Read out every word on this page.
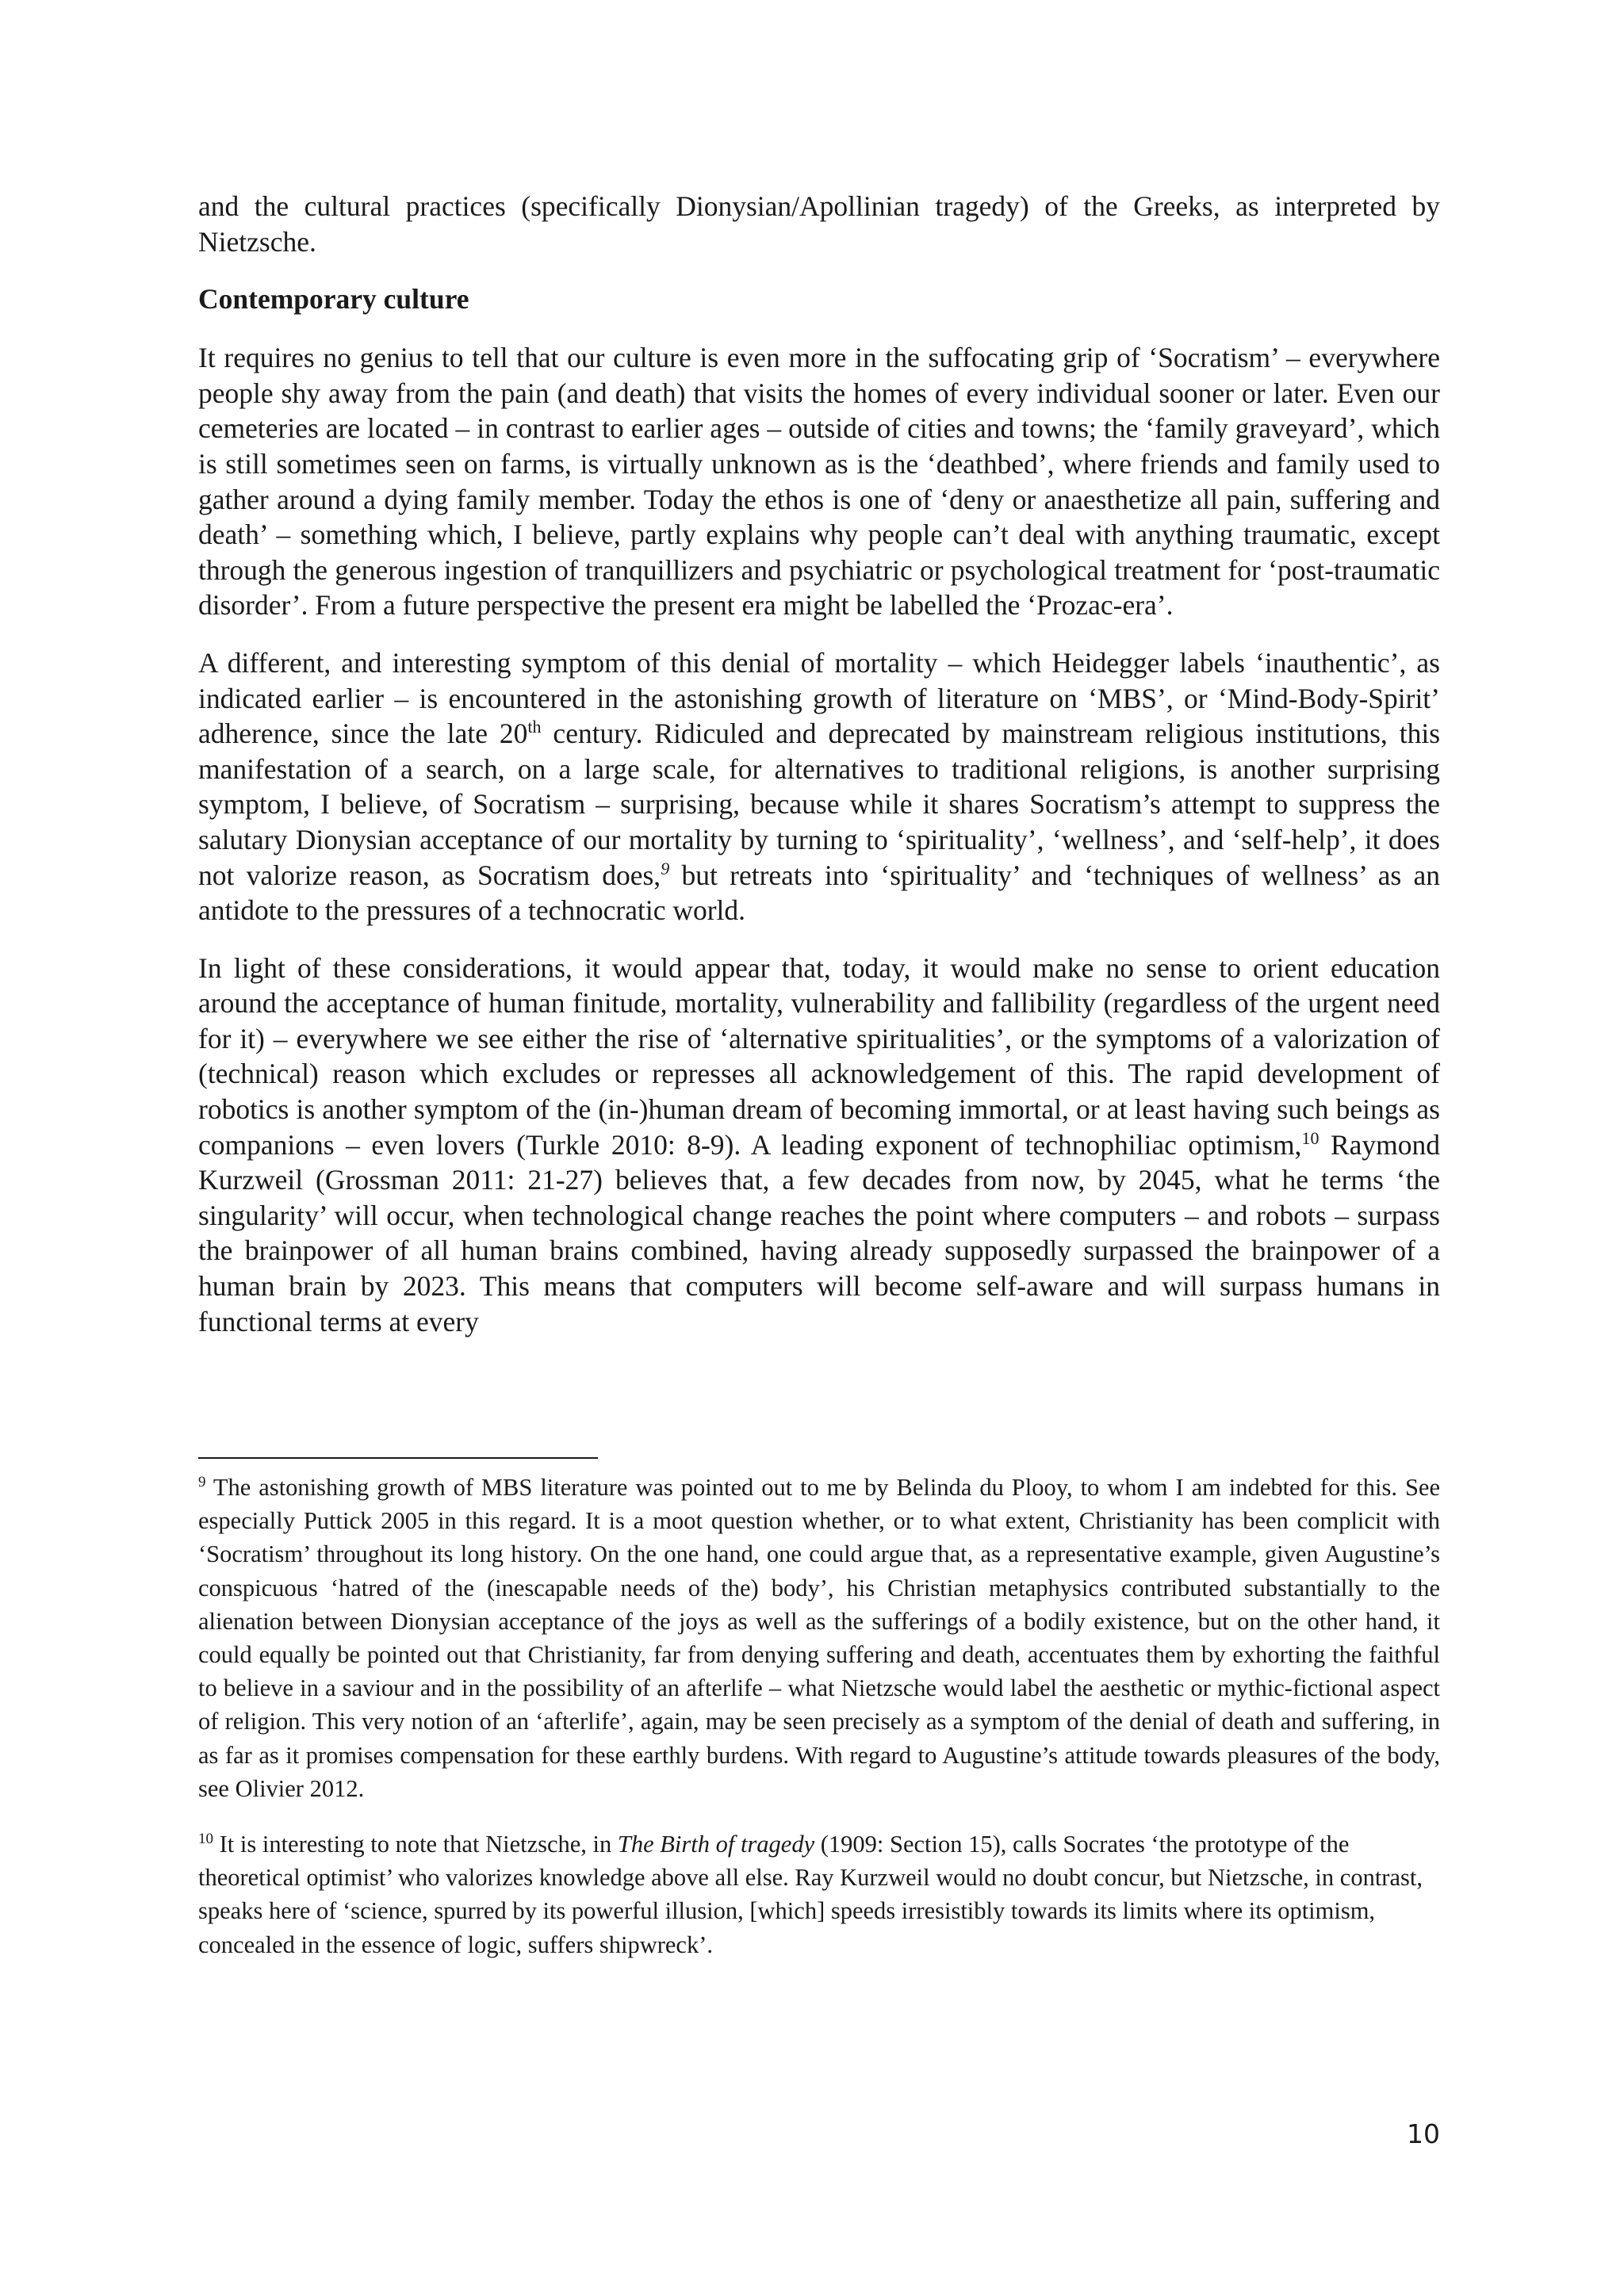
and the cultural practices (specifically Dionysian/Apollinian tragedy) of the Greeks, as interpreted by Nietzsche.

Contemporary culture

It requires no genius to tell that our culture is even more in the suffocating grip of ‘Socratism’ – everywhere people shy away from the pain (and death) that visits the homes of every individual sooner or later. Even our cemeteries are located – in contrast to earlier ages – outside of cities and towns; the ‘family graveyard’, which is still sometimes seen on farms, is virtually unknown as is the ‘deathbed’, where friends and family used to gather around a dying family member. Today the ethos is one of ‘deny or anaesthetize all pain, suffering and death’ – something which, I believe, partly explains why people can’t deal with anything traumatic, except through the generous ingestion of tranquillizers and psychiatric or psychological treatment for ‘post-traumatic disorder’. From a future perspective the present era might be labelled the ‘Prozac-era’.

A different, and interesting symptom of this denial of mortality – which Heidegger labels ‘inauthentic’, as indicated earlier – is encountered in the astonishing growth of literature on ‘MBS’, or ‘Mind-Body-Spirit’ adherence, since the late 20th century. Ridiculed and deprecated by mainstream religious institutions, this manifestation of a search, on a large scale, for alternatives to traditional religions, is another surprising symptom, I believe, of Socratism – surprising, because while it shares Socratism’s attempt to suppress the salutary Dionysian acceptance of our mortality by turning to ‘spirituality’, ‘wellness’, and ‘self-help’, it does not valorize reason, as Socratism does,$^9$ but retreats into ‘spirituality’ and ‘techniques of wellness’ as an antidote to the pressures of a technocratic world.

In light of these considerations, it would appear that, today, it would make no sense to orient education around the acceptance of human finitude, mortality, vulnerability and fallibility (regardless of the urgent need for it) – everywhere we see either the rise of ‘alternative spiritualities’, or the symptoms of a valorization of (technical) reason which excludes or represses all acknowledgement of this. The rapid development of robotics is another symptom of the (in-)human dream of becoming immortal, or at least having such beings as companions – even lovers (Turkle 2010: 8-9). A leading exponent of technophiliac optimism,$^{10}$ Raymond Kurzweil (Grossman 2011: 21-27) believes that, a few decades from now, by 2045, what he terms ‘the singularity’ will occur, when technological change reaches the point where computers – and robots – surpass the brainpower of all human brains combined, having already supposedly surpassed the brainpower of a human brain by 2023. This means that computers will become self-aware and will surpass humans in functional terms at every

$^9$ The astonishing growth of MBS literature was pointed out to me by Belinda du Plooy, to whom I am indebted for this. See especially Puttick 2005 in this regard. It is a moot question whether, or to what extent, Christianity has been complicit with ‘Socratism’ throughout its long history. On the one hand, one could argue that, as a representative example, given Augustine’s conspicuous ‘hatred of the (inescapable needs of the) body’, his Christian metaphysics contributed substantially to the alienation between Dionysian acceptance of the joys as well as the sufferings of a bodily existence, but on the other hand, it could equally be pointed out that Christianity, far from denying suffering and death, accentuates them by exhorting the faithful to believe in a saviour and in the possibility of an afterlife – what Nietzsche would label the aesthetic or mythic-fictional aspect of religion. This very notion of an ‘afterlife’, again, may be seen precisely as a symptom of the denial of death and suffering, in as far as it promises compensation for these earthly burdens. With regard to Augustine’s attitude towards pleasures of the body, see Olivier 2012.

$^{10}$ It is interesting to note that Nietzsche, in The Birth of tragedy (1909: Section 15), calls Socrates ‘the prototype of the theoretical optimist’ who valorizes knowledge above all else. Ray Kurzweil would no doubt concur, but Nietzsche, in contrast, speaks here of ‘science, spurred by its powerful illusion, [which] speeds irresistibly towards its limits where its optimism, concealed in the essence of logic, suffers shipwreck’.

10
